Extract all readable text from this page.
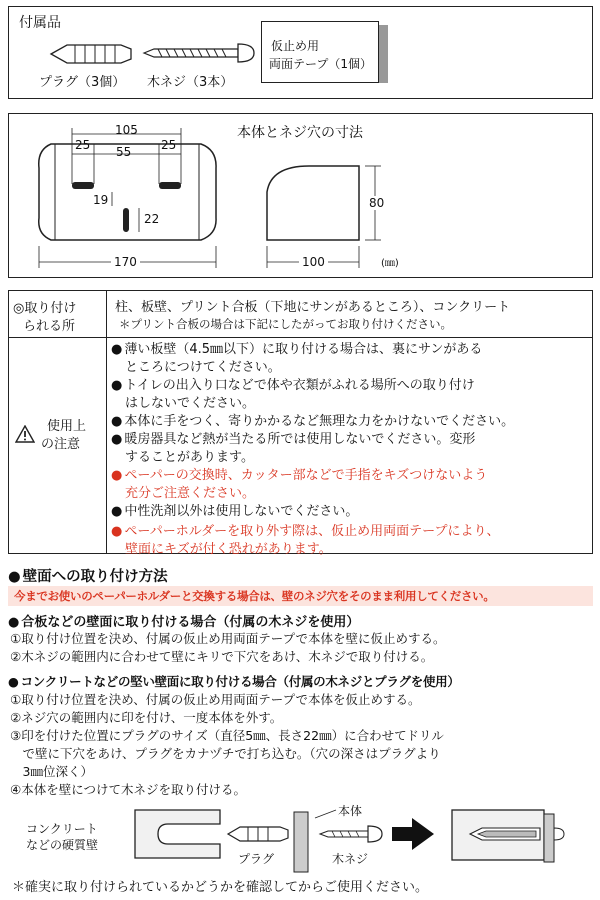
付属品
プラグ（3個） 木ネジ（3本）
仮止め用
両面テープ（1個）
本体とネジ穴の寸法
105
25 55 25
19
22
170	100
80
(㎜)
◎取り付け
られる所
柱、板壁、プリント合板（下地にサンがあるところ）、コンクリート
＊プリント合板の場合は下記にしたがってお取り付けください。
使用上
の注意
● 薄い板壁（4.5㎜以下）に取り付ける場合は、裏にサンがある
ところにつけてください。
● トイレの出入り口などで体や衣類がふれる場所への取り付け
はしないでください。
● 本体に手をつく、寄りかかるなど無理な力をかけないでください。
● 暖房器具など熱が当たる所では使用しないでください。変形
することがあります。
● ペーパーの交換時、カッター部などで手指をキズつけないよう
充分ご注意ください。
● 中性洗剤以外は使用しないでください。
● ペーパーホルダーを取り外す際は、仮止め用両面テープにより、
壁面にキズが付く恐れがあります。
● 壁面への取り付け方法
今までお使いのペーパーホルダーと交換する場合は、壁のネジ穴をそのまま利用してください。
● 合板などの壁面に取り付ける場合（付属の木ネジを使用）
①取り付け位置を決め、付属の仮止め用両面テープで本体を壁に仮止めする。
②木ネジの範囲内に合わせて壁にキリで下穴をあけ、木ネジで取り付ける。
● コンクリートなどの堅い壁面に取り付ける場合（付属の木ネジとプラグを使用）
①取り付け位置を決め、付属の仮止め用両面テープで本体を仮止めする。
②ネジ穴の範囲内に印を付け、一度本体を外す。
③印を付けた位置にプラグのサイズ（直径5㎜、長さ22㎜）に合わせてドリル
　で壁に下穴をあけ、プラグをカナヅチで打ち込む。（穴の深さはプラグより
　3㎜位深く）
④本体を壁につけて木ネジを取り付ける。
コンクリート
などの硬質壁
プラグ
本体
木ネジ
＊確実に取り付けられているかどうかを確認してからご使用ください。
